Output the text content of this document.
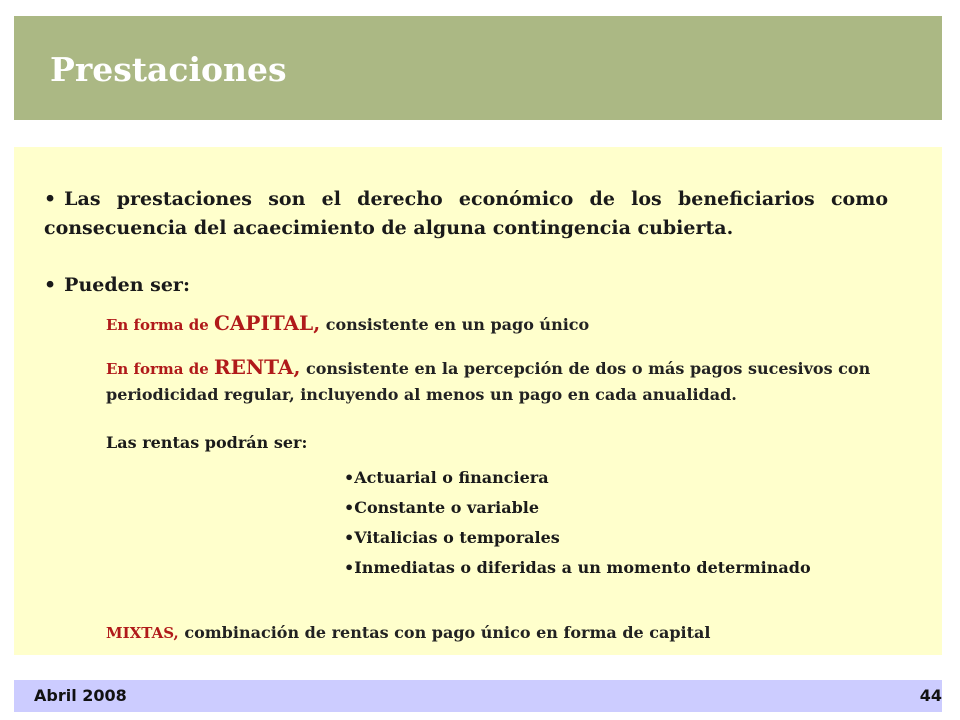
Prestaciones
• Las prestaciones son el derecho económico de los beneficiarios como consecuencia del acaecimiento de alguna contingencia cubierta.
• Pueden ser:
En forma de CAPITAL, consistente en un pago único
En forma de RENTA, consistente en la percepción de dos o más pagos sucesivos con periodicidad regular, incluyendo al menos un pago en cada anualidad.
Las rentas podrán ser:
•Actuarial o financiera
•Constante o variable
•Vitalicias o temporales
•Inmediatas o diferidas a un momento determinado
MIXTAS, combinación de rentas con pago único en forma de capital
Abril 2008	44
